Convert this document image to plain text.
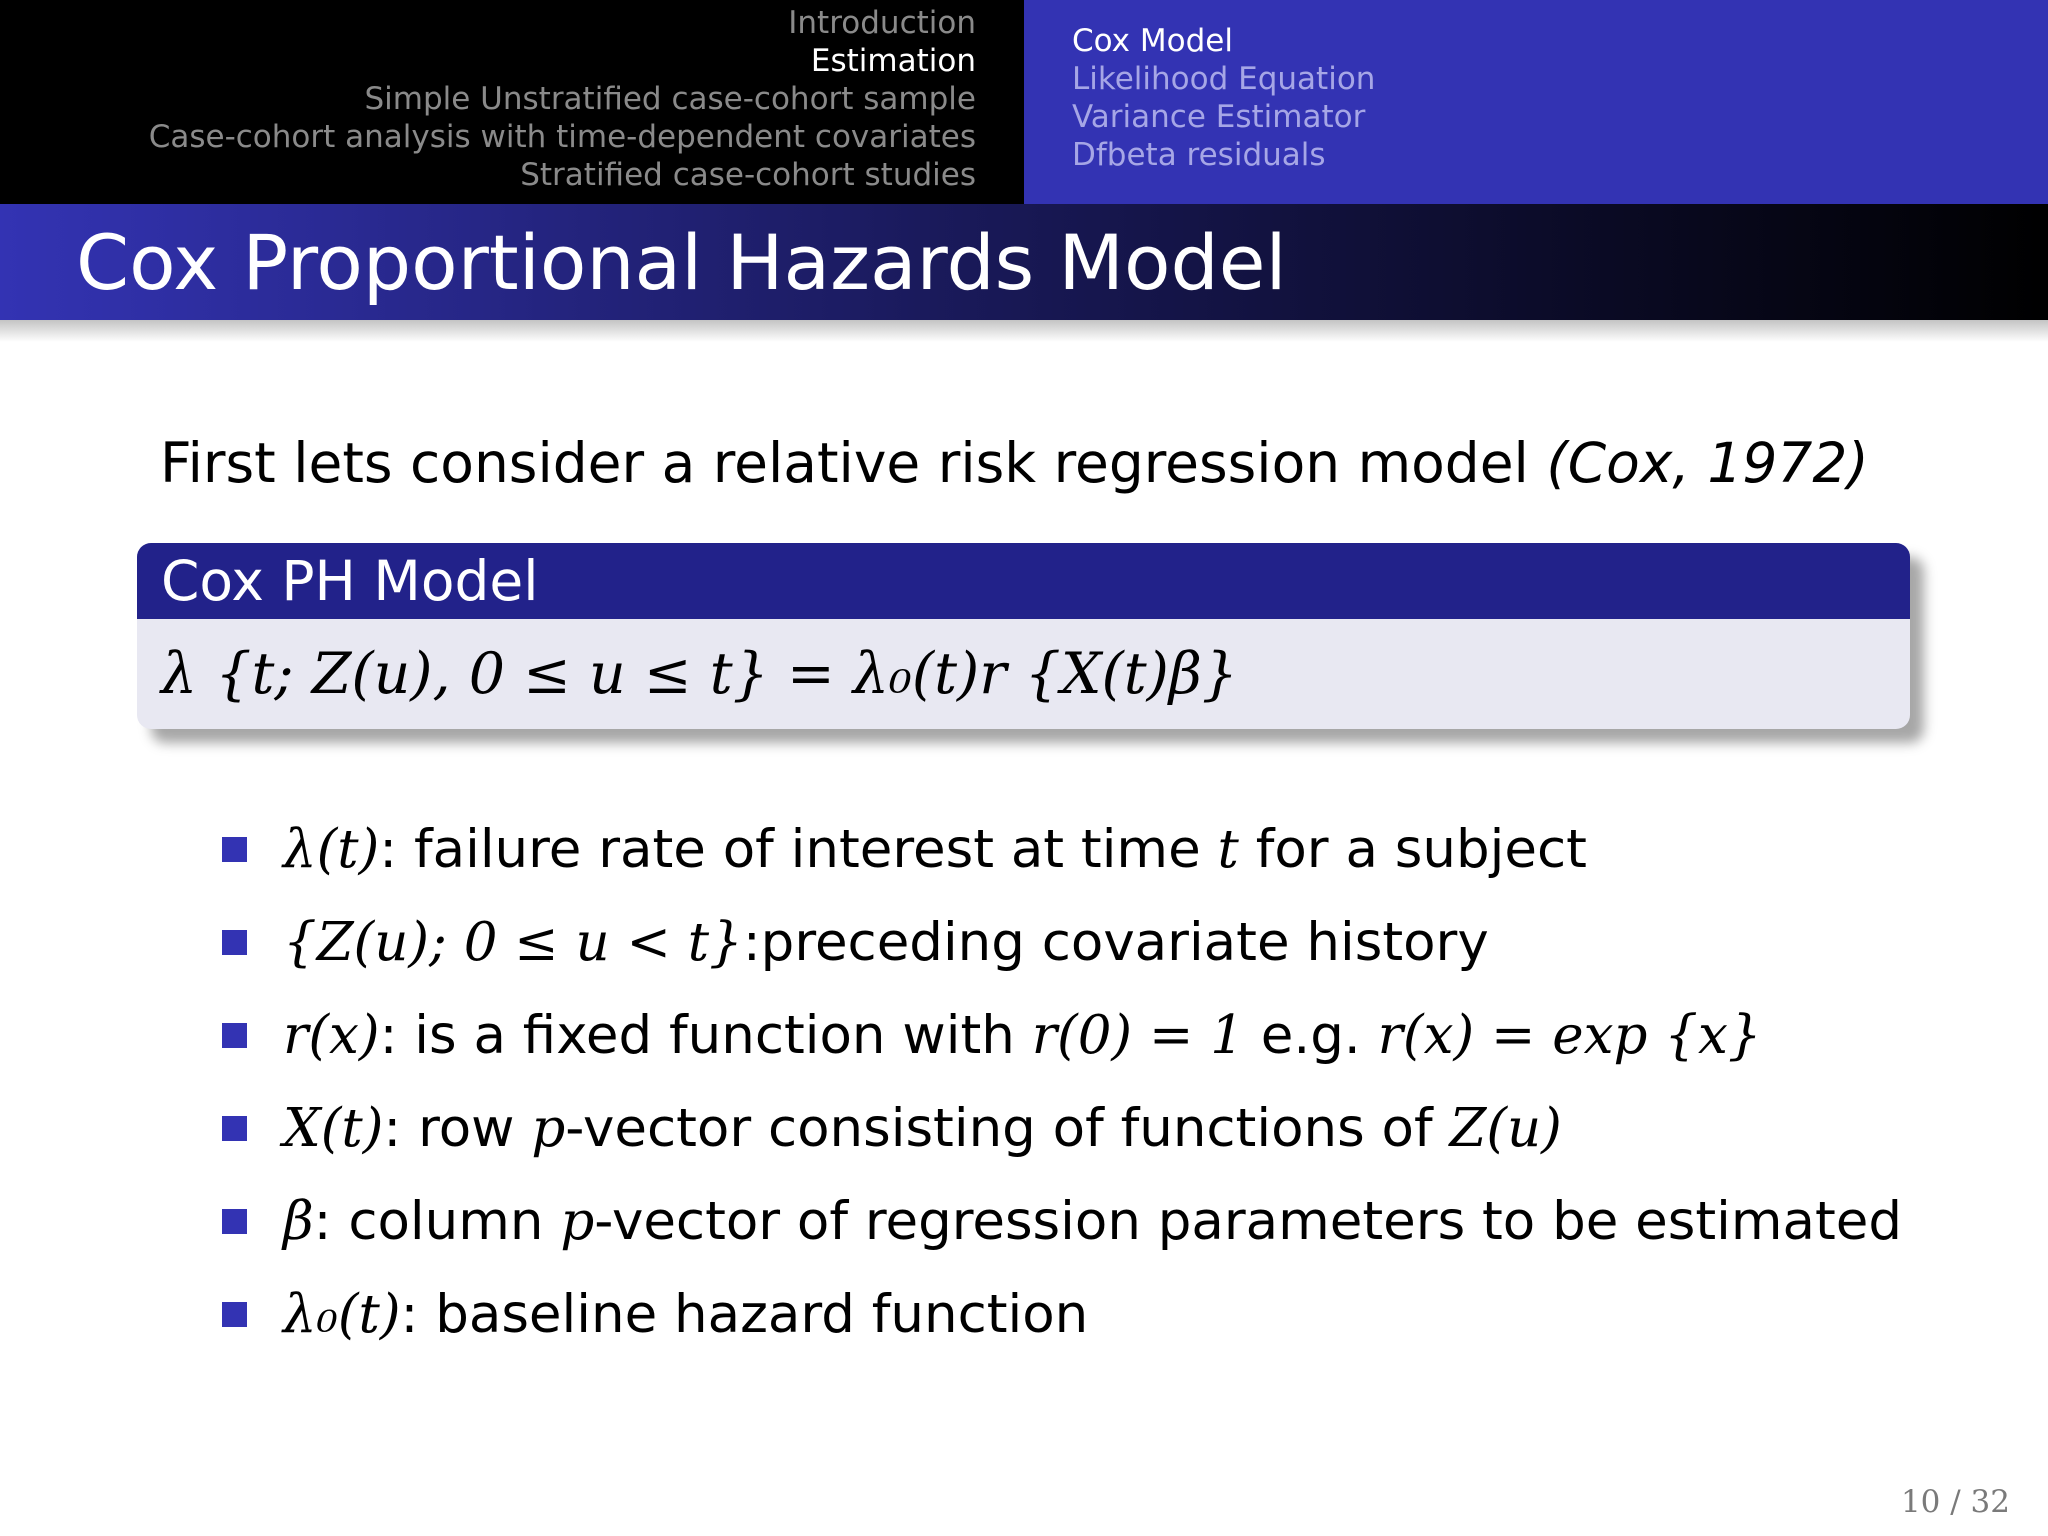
Introduction
Estimation
Simple Unstratified case-cohort sample
Case-cohort analysis with time-dependent covariates
Stratified case-cohort studies
Cox Model
Likelihood Equation
Variance Estimator
Dfbeta residuals
Cox Proportional Hazards Model
First lets consider a relative risk regression model (Cox, 1972)
Cox PH Model
λ {t; Z(u), 0 ≤ u ≤ t} = λ₀(t)r {X(t)β}
λ(t) : failure rate of interest at time
t
for a subject
{Z(u); 0 ≤ u < t} :preceding covariate history
r(x) : is a fixed function with
r(0) = 1
e.g.
r(x) = exp {x}
X(t) : row
p -vector consisting of functions of
Z(u)
β : column
p -vector of regression parameters to be estimated
λ₀(t) : baseline hazard function
10 / 32
